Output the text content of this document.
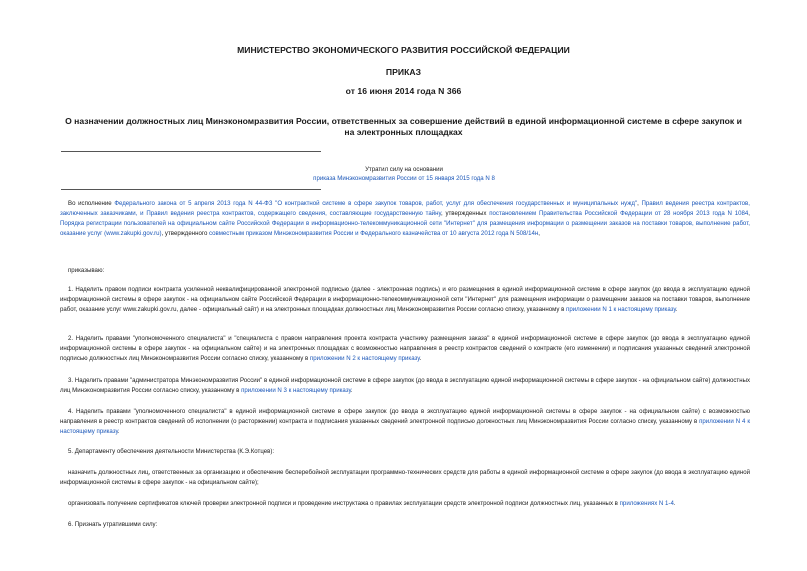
МИНИСТЕРСТВО ЭКОНОМИЧЕСКОГО РАЗВИТИЯ РОССИЙСКОЙ ФЕДЕРАЦИИ
ПРИКАЗ
от 16 июня 2014 года N 366
О назначении должностных лиц Минэкономразвития России, ответственных за совершение действий в единой информационной системе в сфере закупок и на электронных площадках
Утратил силу на основании
приказа Минэкономразвития России от 15 января 2015 года N 8
Во исполнение Федерального закона от 5 апреля 2013 года N 44-ФЗ "О контрактной системе в сфере закупок товаров, работ, услуг для обеспечения государственных и муниципальных нужд", Правил ведения реестра контрактов, заключенных заказчиками, и Правил ведения реестра контрактов, содержащего сведения, составляющие государственную тайну, утвержденных постановлением Правительства Российской Федерации от 28 ноября 2013 года N 1084, Порядка регистрации пользователей на официальном сайте Российской Федерации в информационно-телекоммуникационной сети "Интернет" для размещения информации о размещении заказов на поставки товаров, выполнение работ, оказание услуг (www.zakupki.gov.ru), утвержденного совместным приказом Минэкономразвития России и Федерального казначейства от 10 августа 2012 года N 508/14н,
приказываю:
1. Наделить правом подписи контракта усиленной неквалифицированной электронной подписью (далее - электронная подпись) и его размещения в единой информационной системе в сфере закупок (до ввода в эксплуатацию единой информационной системы в сфере закупок - на официальном сайте Российской Федерации в информационно-телекоммуникационной сети "Интернет" для размещения информации о размещении заказов на поставки товаров, выполнение работ, оказание услуг www.zakupki.gov.ru, далее - официальный сайт) и на электронных площадках должностных лиц Минэкономразвития России согласно списку, указанному в приложении N 1 к настоящему приказу.
2. Наделить правами "уполномоченного специалиста" и "специалиста с правом направления проекта контракта участнику размещения заказа" в единой информационной системе в сфере закупок (до ввода в эксплуатацию единой информационной системы в сфере закупок - на официальном сайте) и на электронных площадках с возможностью направления в реестр контрактов сведений о контракте (его изменении) и подписания указанных сведений электронной подписью должностных лиц Минэкономразвития России согласно списку, указанному в приложении N 2 к настоящему приказу.
3. Наделить правами "администратора Минэкономразвития России" в единой информационной системе в сфере закупок (до ввода в эксплуатацию единой информационной системы в сфере закупок - на официальном сайте) должностных лиц Минэкономразвития России согласно списку, указанному в приложении N 3 к настоящему приказу.
4. Наделить правами "уполномоченного специалиста" в единой информационной системе в сфере закупок (до ввода в эксплуатацию единой информационной системы в сфере закупок - на официальном сайте) с возможностью направления в реестр контрактов сведений об исполнении (о расторжении) контракта и подписания указанных сведений электронной подписью должностных лиц Минэкономразвития России согласно списку, указанному в приложении N 4 к настоящему приказу.
5. Департаменту обеспечения деятельности Министерства (К.Э.Котцев):
назначить должностных лиц, ответственных за организацию и обеспечение бесперебойной эксплуатации программно-технических средств для работы в единой информационной системе в сфере закупок (до ввода в эксплуатацию единой информационной системы в сфере закупок - на официальном сайте);
организовать получение сертификатов ключей проверки электронной подписи и проведение инструктажа о правилах эксплуатации средств электронной подписи должностных лиц, указанных в приложениях N 1-4.
6. Признать утратившими силу:
